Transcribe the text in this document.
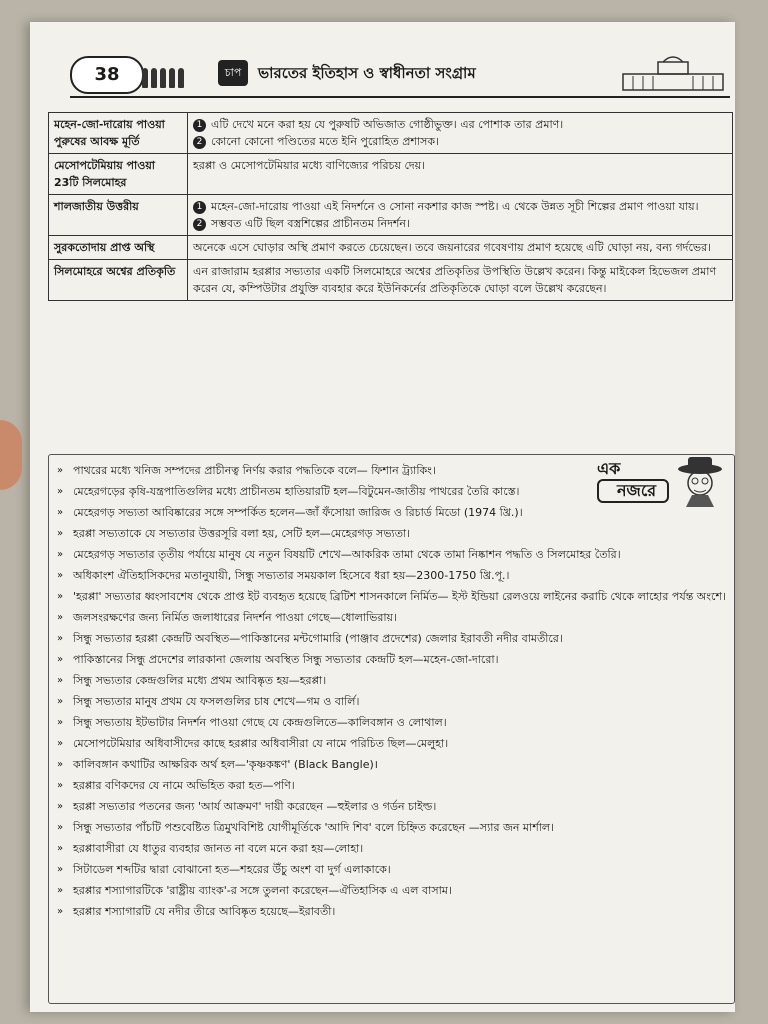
38	চাপ	ভারতের ইতিহাস ও স্বাধীনতা সংগ্রাম
মহেন-জো-দারোয় পাওয়া পুরুষের আবক্ষ মূর্তি	1 এটি দেখে মনে করা হয় যে পুরুষটি অভিজাত গোষ্ঠীভুক্ত। এর পোশাক তার প্রমাণ।
2 কোনো কোনো পণ্ডিতের মতে ইনি পুরোহিত প্রশাসক।

মেসোপটেমিয়ায় পাওয়া 23টি সিলমোহর	হরপ্পা ও মেসোপটেমিয়ার মধ্যে বাণিজ্যের পরিচয় দেয়।

শালজাতীয় উত্তরীয়	1 মহেন-জো-দারোয় পাওয়া এই নিদর্শনে ও সোনা নকশার কাজ স্পষ্ট। এ থেকে উন্নত সূচী শিল্পের প্রমাণ পাওয়া যায়।
2 সম্ভবত এটি ছিল বস্ত্রশিল্পের প্রাচীনতম নিদর্শন।

সুরকতোদায় প্রাপ্ত অস্থি	অনেকে এসে ঘোড়ার অস্থি প্রমাণ করতে চেয়েছেন। তবে জয়নারের গবেষণায় প্রমাণ হয়েছে এটি ঘোড়া নয়, বন্য গর্দভের।

সিলমোহরে অশ্বের প্রতিকৃতি	এন রাজারাম হরপ্পার সভ্যতার একটি সিলমোহরে অশ্বের প্রতিকৃতির উপস্থিতি উল্লেখ করেন। কিন্তু মাইকেল হিভেজল প্রমাণ করেন যে, কম্পিউটার প্রযুক্তি ব্যবহার করে ইউনিকর্নের প্রতিকৃতিকে ঘোড়া বলে উল্লেখ করেছেন।
এক
নজরে
» পাথরের মধ্যে খনিজ সম্পদের প্রাচীনত্ব নির্ণয় করার পদ্ধতিকে বলে— ফিশান ট্র্যাকিং।
» মেহেরগড়ের কৃষি-যন্ত্রপাতিগুলির মধ্যে প্রাচীনতম হাতিয়ারটি হল—বিটুমেন-জাতীয় পাথরের তৈরি কাস্তে।
» মেহেরগড় সভ্যতা আবিষ্কারের সঙ্গে সম্পর্কিত হলেন—জাঁ ফঁসোয়া জারিজ ও রিচার্ড মিডো (1974 খ্রি.)।
» হরপ্পা সভ্যতাকে যে সভ্যতার উত্তরসূরি বলা হয়, সেটি হল—মেহেরগড় সভ্যতা।
» মেহেরগড় সভ্যতার তৃতীয় পর্যায়ে মানুষ যে নতুন বিষয়টি শেখে—আকরিক তামা থেকে তামা নিষ্কাশন পদ্ধতি ও সিলমোহর তৈরি।
» অধিকাংশ ঐতিহাসিকদের মতানুযায়ী, সিন্ধু সভ্যতার সময়কাল হিসেবে ধরা হয়—2300-1750 খ্রি.পূ.।
» 'হরপ্পা' সভ্যতার ধ্বংসাবশেষ থেকে প্রাপ্ত ইট ব্যবহৃত হয়েছে ব্রিটিশ শাসনকালে নির্মিত— ইস্ট ইন্ডিয়া রেলওয়ে লাইনের করাচি থেকে লাহোর পর্যন্ত অংশে।
» জলসংরক্ষণের জন্য নির্মিত জলাধারের নিদর্শন পাওয়া গেছে—ধোলাভিরায়।
» সিন্ধু সভ্যতার হরপ্পা কেন্দ্রটি অবস্থিত—পাকিস্তানের মন্টগোমারি (পাঞ্জাব প্রদেশের) জেলার ইরাবতী নদীর বামতীরে।
» পাকিস্তানের সিন্ধু প্রদেশের লারকানা জেলায় অবস্থিত সিন্ধু সভ্যতার কেন্দ্রটি হল—মহেন-জো-দারো।
» সিন্ধু সভ্যতার কেন্দ্রগুলির মধ্যে প্রথম আবিষ্কৃত হয়—হরপ্পা।
» সিন্ধু সভ্যতার মানুষ প্রথম যে ফসলগুলির চাষ শেখে—গম ও বার্লি।
» সিন্ধু সভ্যতায় ইটভাটার নিদর্শন পাওয়া গেছে যে কেন্দ্রগুলিতে—কালিবঙ্গান ও লোথাল।
» মেসোপটেমিয়ার অধিবাসীদের কাছে হরপ্পার অধিবাসীরা যে নামে পরিচিত ছিল—মেলুহা।
» কালিবঙ্গান কথাটির আক্ষরিক অর্থ হল—'কৃষ্ণকঙ্কণ' (Black Bangle)।
» হরপ্পার বণিকদের যে নামে অভিহিত করা হত—পণি।
» হরপ্পা সভ্যতার পতনের জন্য 'আর্য আক্রমণ' দায়ী করেছেন —হুইলার ও গর্ডন চাইল্ড।
» সিন্ধু সভ্যতার পাঁচটি পশুবেষ্টিত ত্রিমুখবিশিষ্ট যোগীমূর্তিকে 'আদি শিব' বলে চিহ্নিত করেছেন —স্যার জন মার্শাল।
» হরপ্পাবাসীরা যে ধাতুর ব্যবহার জানত না বলে মনে করা হয়—লোহা।
» সিটাডেল শব্দটির দ্বারা বোঝানো হত—শহরের উঁচু অংশ বা দুর্গ এলাকাকে।
» হরপ্পার শস্যাগারটিকে 'রাষ্ট্রীয় ব্যাংক'-র সঙ্গে তুলনা করেছেন—ঐতিহাসিক এ এল বাসাম।
» হরপ্পার শস্যাগারটি যে নদীর তীরে আবিষ্কৃত হয়েছে—ইরাবতী।
